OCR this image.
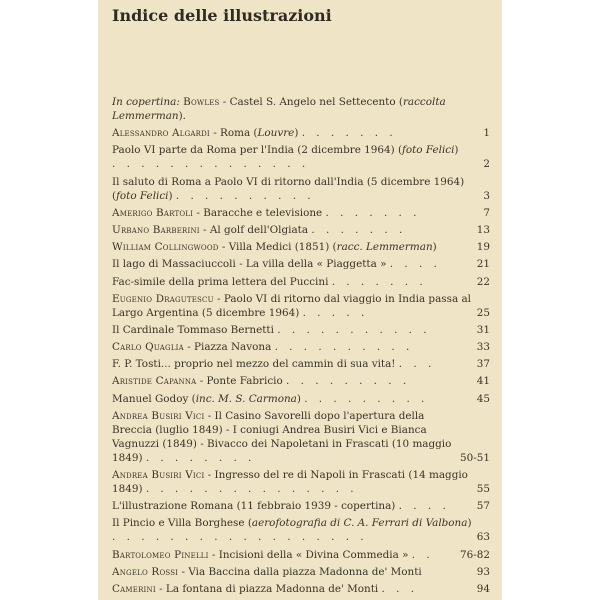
Indice delle illustrazioni
In copertina: Bowles - Castel S. Angelo nel Settecento (raccolta Lemmerman).
Alessandro Algardi - Roma (Louvre) . . . . . . .	1
Paolo VI parte da Roma per l'India (2 dicembre 1964) (foto Felici) . . . . . . . . . . . . . .	2
Il saluto di Roma a Paolo VI di ritorno dall'India (5 dicembre 1964) (foto Felici) . . . . . . . . . .	3
Amerigo Bartoli - Baracche e televisione . . . . . . .	7
Urbano Barberini - Al golf dell'Olgiata . . . . . . .	13
William Collingwood - Villa Medici (1851) (racc. Lemmerman)	19
Il lago di Massaciuccoli - La villa della « Piaggetta » . . . .	21
Fac-simile della prima lettera del Puccini . . . . . . .	22
Eugenio Dragutescu - Paolo VI di ritorno dal viaggio in India passa al Largo Argentina (5 dicembre 1964) . . . . .	25
Il Cardinale Tommaso Bernetti . . . . . . . . . . .	31
Carlo Quaglia - Piazza Navona . . . . . . . . . .	33
F. P. Tosti... proprio nel mezzo del cammin di sua vita! . . .	37
Aristide Capanna - Ponte Fabricio . . . . . . . . .	41
Manuel Godoy (inc. M. S. Carmona) . . . . . . . . .	45
Andrea Busiri Vici - Il Casino Savorelli dopo l'apertura della Breccia (luglio 1849) - I coniugi Andrea Busiri Vici e Bianca Vagnuzzi (1849) - Bivacco dei Napoletani in Frascati (10 maggio 1849) . . . . . . . .	50-51
Andrea Busiri Vici - Ingresso del re di Napoli in Frascati (14 maggio 1849) . . . . . . . . . . . . . . .	55
L'illustrazione Romana (11 febbraio 1939 - copertina) . . . .	57
Il Pincio e Villa Borghese (aerofotografia di C. A. Ferrari di Valbona) . . . . . . . . . . . . . . . . . .	63
Bartolomeo Pinelli - Incisioni della « Divina Commedia » . .	76-82
Angelo Rossi - Via Baccina dalla piazza Madonna de' Monti	93
Camerini - La fontana di piazza Madonna de' Monti . . .	94
